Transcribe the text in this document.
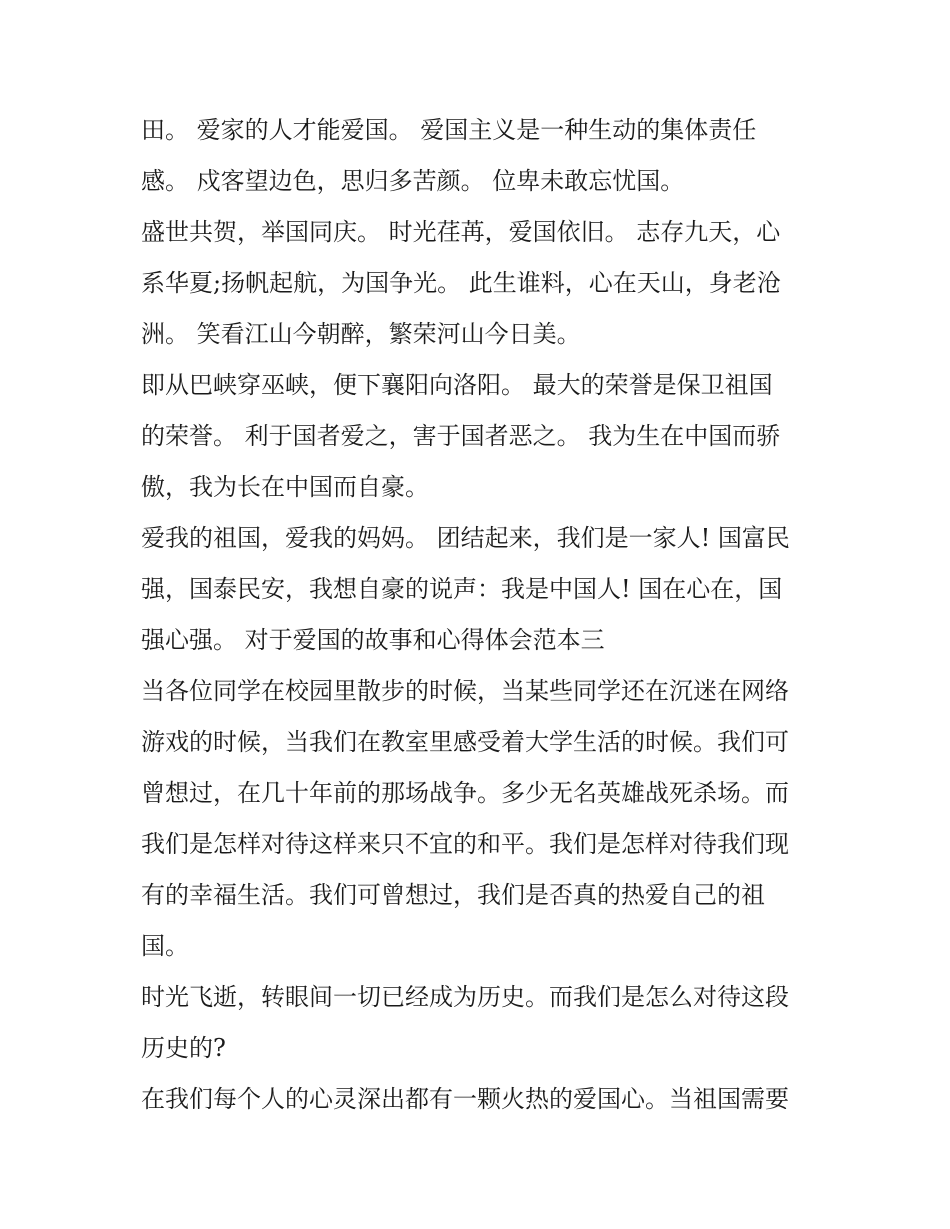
田。 爱家的人才能爱国。 爱国主义是一种生动的集体责任
感。 戍客望边色，思归多苦颜。 位卑未敢忘忧国。
盛世共贺，举国同庆。 时光荏苒，爱国依旧。 志存九天，心
系华夏;扬帆起航，为国争光。 此生谁料，心在天山，身老沧
洲。 笑看江山今朝醉，繁荣河山今日美。
即从巴峡穿巫峡，便下襄阳向洛阳。 最大的荣誉是保卫祖国
的荣誉。 利于国者爱之，害于国者恶之。 我为生在中国而骄
傲，我为长在中国而自豪。
爱我的祖国，爱我的妈妈。 团结起来，我们是一家人! 国富民
强，国泰民安，我想自豪的说声：我是中国人! 国在心在，国
强心强。 对于爱国的故事和心得体会范本三
当各位同学在校园里散步的时候，当某些同学还在沉迷在网络
游戏的时候，当我们在教室里感受着大学生活的时候。我们可
曾想过，在几十年前的那场战争。多少无名英雄战死杀场。而
我们是怎样对待这样来只不宜的和平。我们是怎样对待我们现
有的幸福生活。我们可曾想过，我们是否真的热爱自己的祖
国。
时光飞逝，转眼间一切已经成为历史。而我们是怎么对待这段
历史的?
在我们每个人的心灵深出都有一颗火热的爱国心。当祖国需要
